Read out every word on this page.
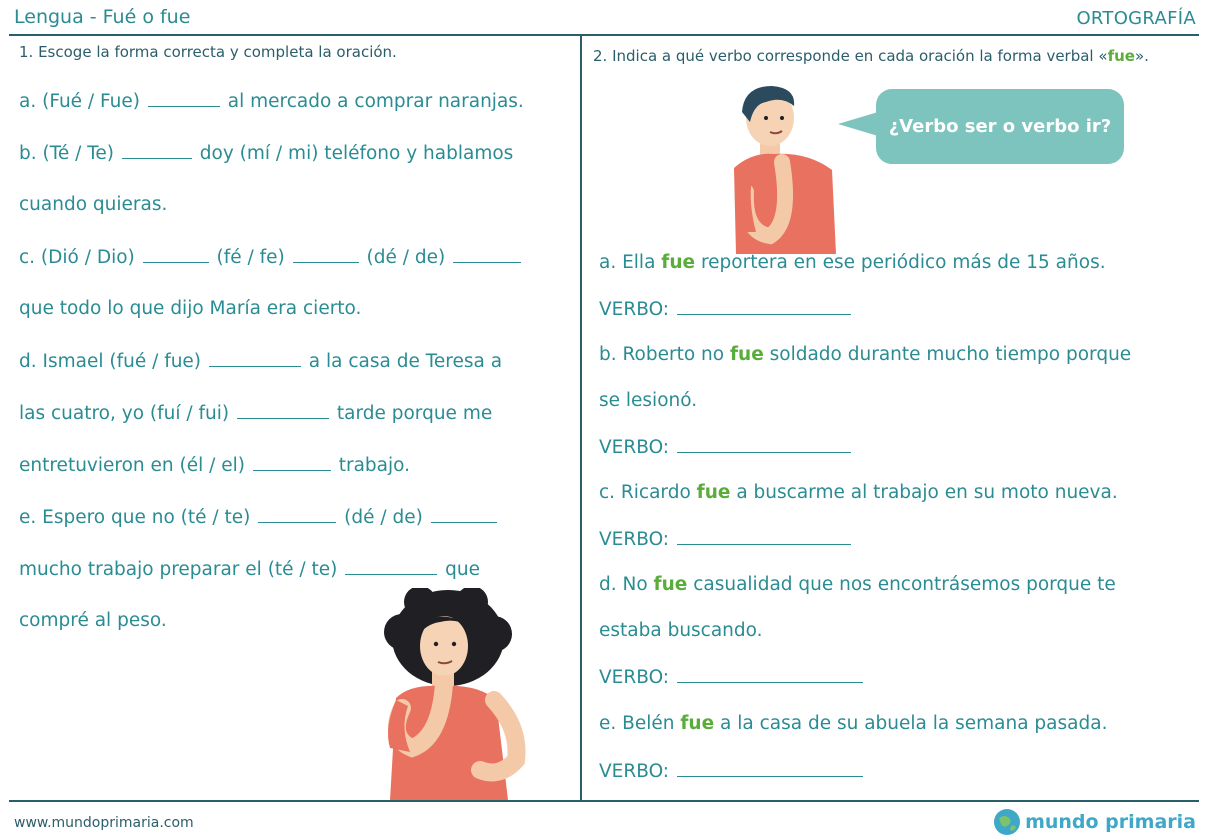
Lengua - Fué o fue	ORTOGRAFÍA
1. Escoge la forma correcta y completa la oración.
a. (Fué / Fue)	al mercado a comprar naranjas.
b. (Té / Te)	doy (mí / mi) teléfono y hablamos
cuando quieras.
c. (Dió / Dio)	(fé / fe)	(dé / de)
que todo lo que dijo María era cierto.
d. Ismael (fué / fue)	a la casa de Teresa a
las cuatro, yo (fuí / fui)	tarde porque me
entretuvieron en (él / el)	trabajo.
e. Espero que no (té / te)	(dé / de)
mucho trabajo preparar el (té / te)	que
compré al peso.
2. Indica a qué verbo corresponde en cada oración la forma verbal «fue».
¿Verbo ser o verbo ir?
a. Ella fue reportera en ese periódico más de 15 años.
VERBO:
b. Roberto no fue soldado durante mucho tiempo porque
se lesionó.
VERBO:
c. Ricardo fue a buscarme al trabajo en su moto nueva.
VERBO:
d. No fue casualidad que nos encontrásemos porque te
estaba buscando.
VERBO:
e. Belén fue a la casa de su abuela la semana pasada.
VERBO:
www.mundoprimaria.com	mundo primaria
